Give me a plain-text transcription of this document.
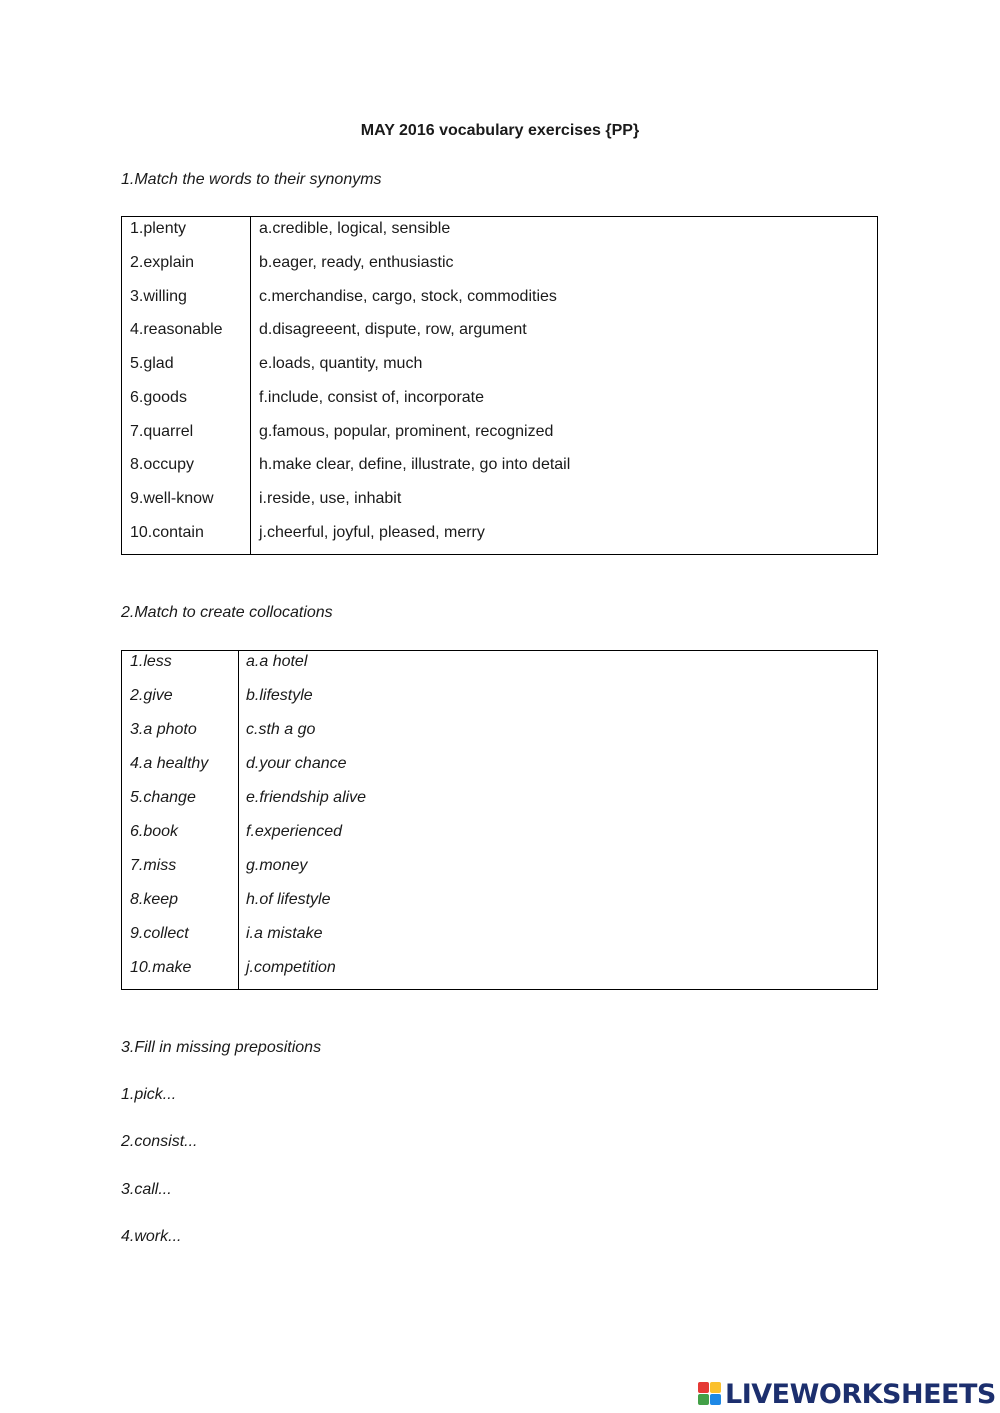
MAY 2016 vocabulary exercises {PP}
1.Match the words to their synonyms
1.plenty	a.credible, logical, sensible
2.explain	b.eager, ready, enthusiastic
3.willing	c.merchandise, cargo, stock, commodities
4.reasonable d.disagreeent, dispute, row, argument
5.glad	e.loads, quantity, much
6.goods	f.include, consist of, incorporate
7.quarrel	g.famous, popular, prominent, recognized
8.occupy	h.make clear, define, illustrate, go into detail
9.well-know	i.reside, use, inhabit
10.contain	j.cheerful, joyful, pleased, merry
2.Match to create collocations
1.less	a.a hotel
2.give	b.lifestyle
3.a photo	c.sth a go
4.a healthy d.your chance
5.change	e.friendship alive
6.book	f.experienced
7.miss	g.money
8.keep	h.of lifestyle
9.collect	i.a mistake
10.make	j.competition
3.Fill in missing prepositions
1.pick...
2.consist...
3.call...
4.work...
LIVEWORKSHEETS
